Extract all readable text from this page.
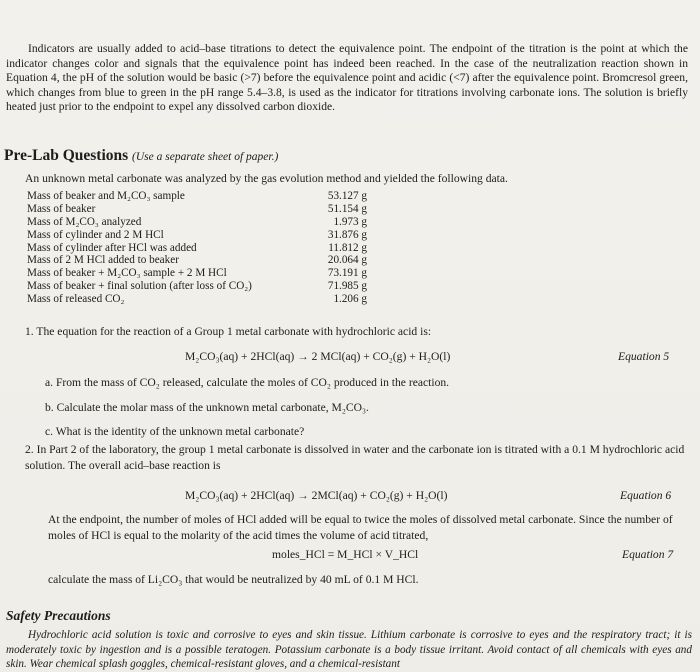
Indicators are usually added to acid–base titrations to detect the equivalence point. The endpoint of the titration is the point at which the indicator changes color and signals that the equivalence point has indeed been reached. In the case of the neutralization reaction shown in Equation 4, the pH of the solution would be basic (>7) before the equivalence point and acidic (<7) after the equivalence point. Bromcresol green, which changes from blue to green in the pH range 5.4–3.8, is used as the indicator for titrations involving carbonate ions. The solution is briefly heated just prior to the endpoint to expel any dissolved carbon dioxide.

Pre-Lab Questions (Use a separate sheet of paper.)
An unknown metal carbonate was analyzed by the gas evolution method and yielded the following data.
Mass of beaker and M₂CO₃ sample	53.127 g
Mass of beaker	51.154 g
Mass of M₂CO₃ analyzed	1.973 g
Mass of cylinder and 2 M HCl	31.876 g
Mass of cylinder after HCl was added	11.812 g
Mass of 2 M HCl added to beaker	20.064 g
Mass of beaker + M₂CO₃ sample + 2 M HCl	73.191 g
Mass of beaker + final solution (after loss of CO₂)	71.985 g
Mass of released CO₂	1.206 g
1. The equation for the reaction of a Group 1 metal carbonate with hydrochloric acid is:
M₂CO₃(aq) + 2HCl(aq) → 2 MCl(aq) + CO₂(g) + H₂O(l)	Equation 5
a. From the mass of CO₂ released, calculate the moles of CO₂ produced in the reaction.
b. Calculate the molar mass of the unknown metal carbonate, M₂CO₃.
c. What is the identity of the unknown metal carbonate?
2. In Part 2 of the laboratory, the group 1 metal carbonate is dissolved in water and the carbonate ion is titrated with a 0.1 M hydrochloric acid solution. The overall acid–base reaction is
M₂CO₃(aq) + 2HCl(aq) → 2MCl(aq) + CO₂(g) + H₂O(l)	Equation 6
At the endpoint, the number of moles of HCl added will be equal to twice the moles of dissolved metal carbonate. Since the number of moles of HCl is equal to the molarity of the acid times the volume of acid titrated,
moles_HCl = M_HCl × V_HCl	Equation 7
calculate the mass of Li₂CO₃ that would be neutralized by 40 mL of 0.1 M HCl.
Safety Precautions
Hydrochloric acid solution is toxic and corrosive to eyes and skin tissue. Lithium carbonate is corrosive to eyes and the respiratory tract; it is moderately toxic by ingestion and is a possible teratogen. Potassium carbonate is a body tissue irritant. Avoid contact of all chemicals with eyes and skin. Wear chemical splash goggles, chemical-resistant gloves, and a chemical-resistant
